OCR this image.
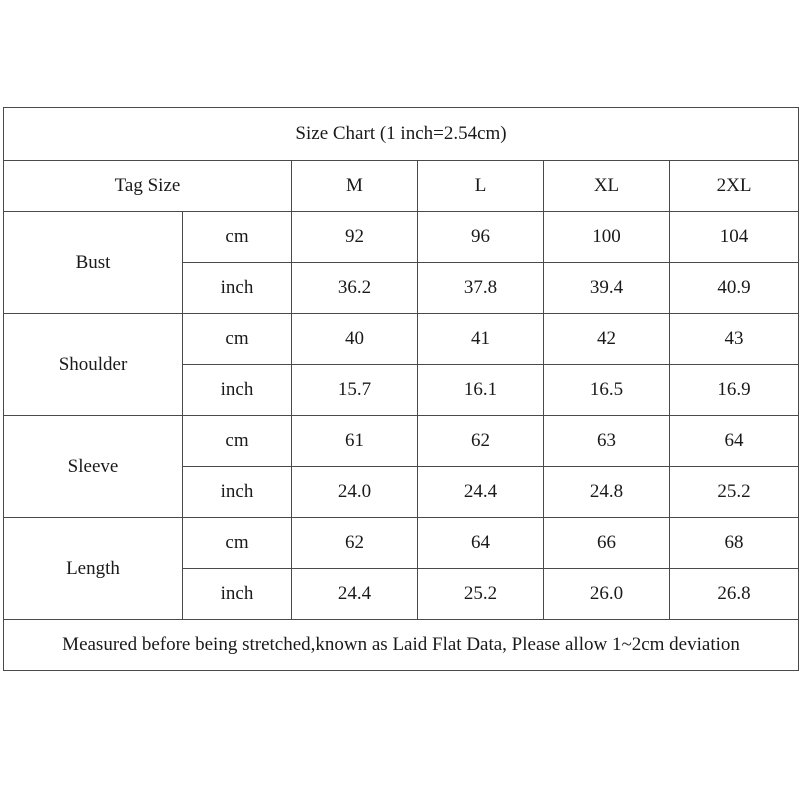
Size Chart (1 inch=2.54cm)					
Tag Size		M	L	XL	2XL
Bust	cm	92	96	100	104
	inch	36.2	37.8	39.4	40.9
Shoulder	cm	40	41	42	43
	inch	15.7	16.1	16.5	16.9
Sleeve	cm	61	62	63	64
	inch	24.0	24.4	24.8	25.2
Length	cm	62	64	66	68
	inch	24.4	25.2	26.0	26.8
Measured before being stretched,known as Laid Flat Data, Please allow 1~2cm deviation					
